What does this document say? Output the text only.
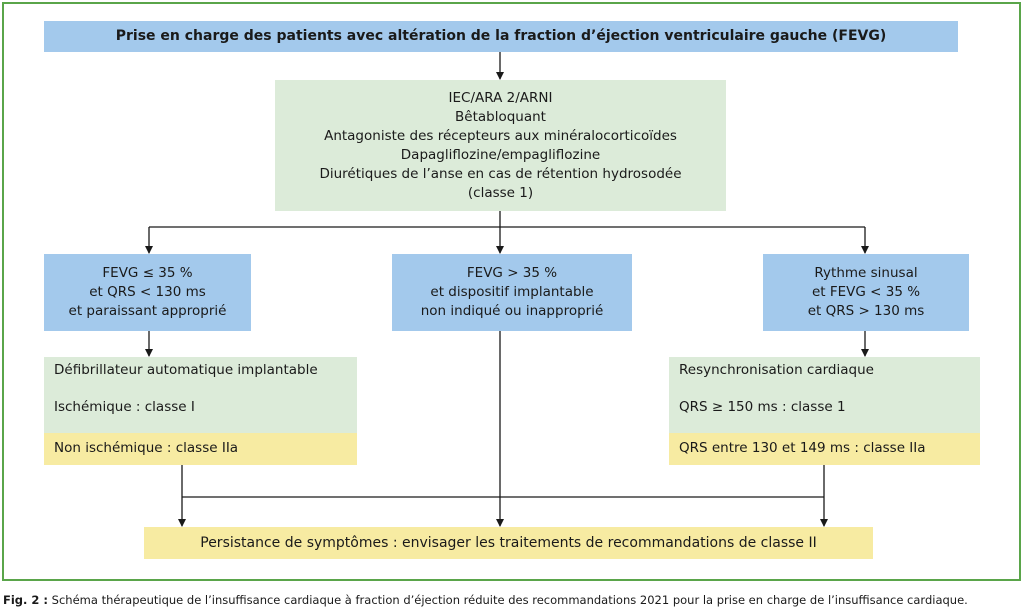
Prise en charge des patients avec altération de la fraction d’éjection ventriculaire gauche (FEVG)
IEC/ARA 2/ARNI
Bêtabloquant
Antagoniste des récepteurs aux minéralocorticoïdes
Dapagliflozine/empagliflozine
Diurétiques de l’anse en cas de rétention hydrosodée
(classe 1)
FEVG ≤ 35 %
et QRS < 130 ms
et paraissant approprié
FEVG > 35 %
et dispositif implantable
non indiqué ou inapproprié
Rythme sinusal
et FEVG < 35 %
et QRS > 130 ms
Défibrillateur automatique implantable
Ischémique : classe I
Non ischémique : classe IIa
Resynchronisation cardiaque
QRS ≥ 150 ms : classe 1
QRS entre 130 et 149 ms : classe IIa
Persistance de symptômes : envisager les traitements de recommandations de classe II
Fig. 2 : Schéma thérapeutique de l’insuffisance cardiaque à fraction d’éjection réduite des recommandations 2021 pour la prise en charge de l’insuffisance cardiaque.
